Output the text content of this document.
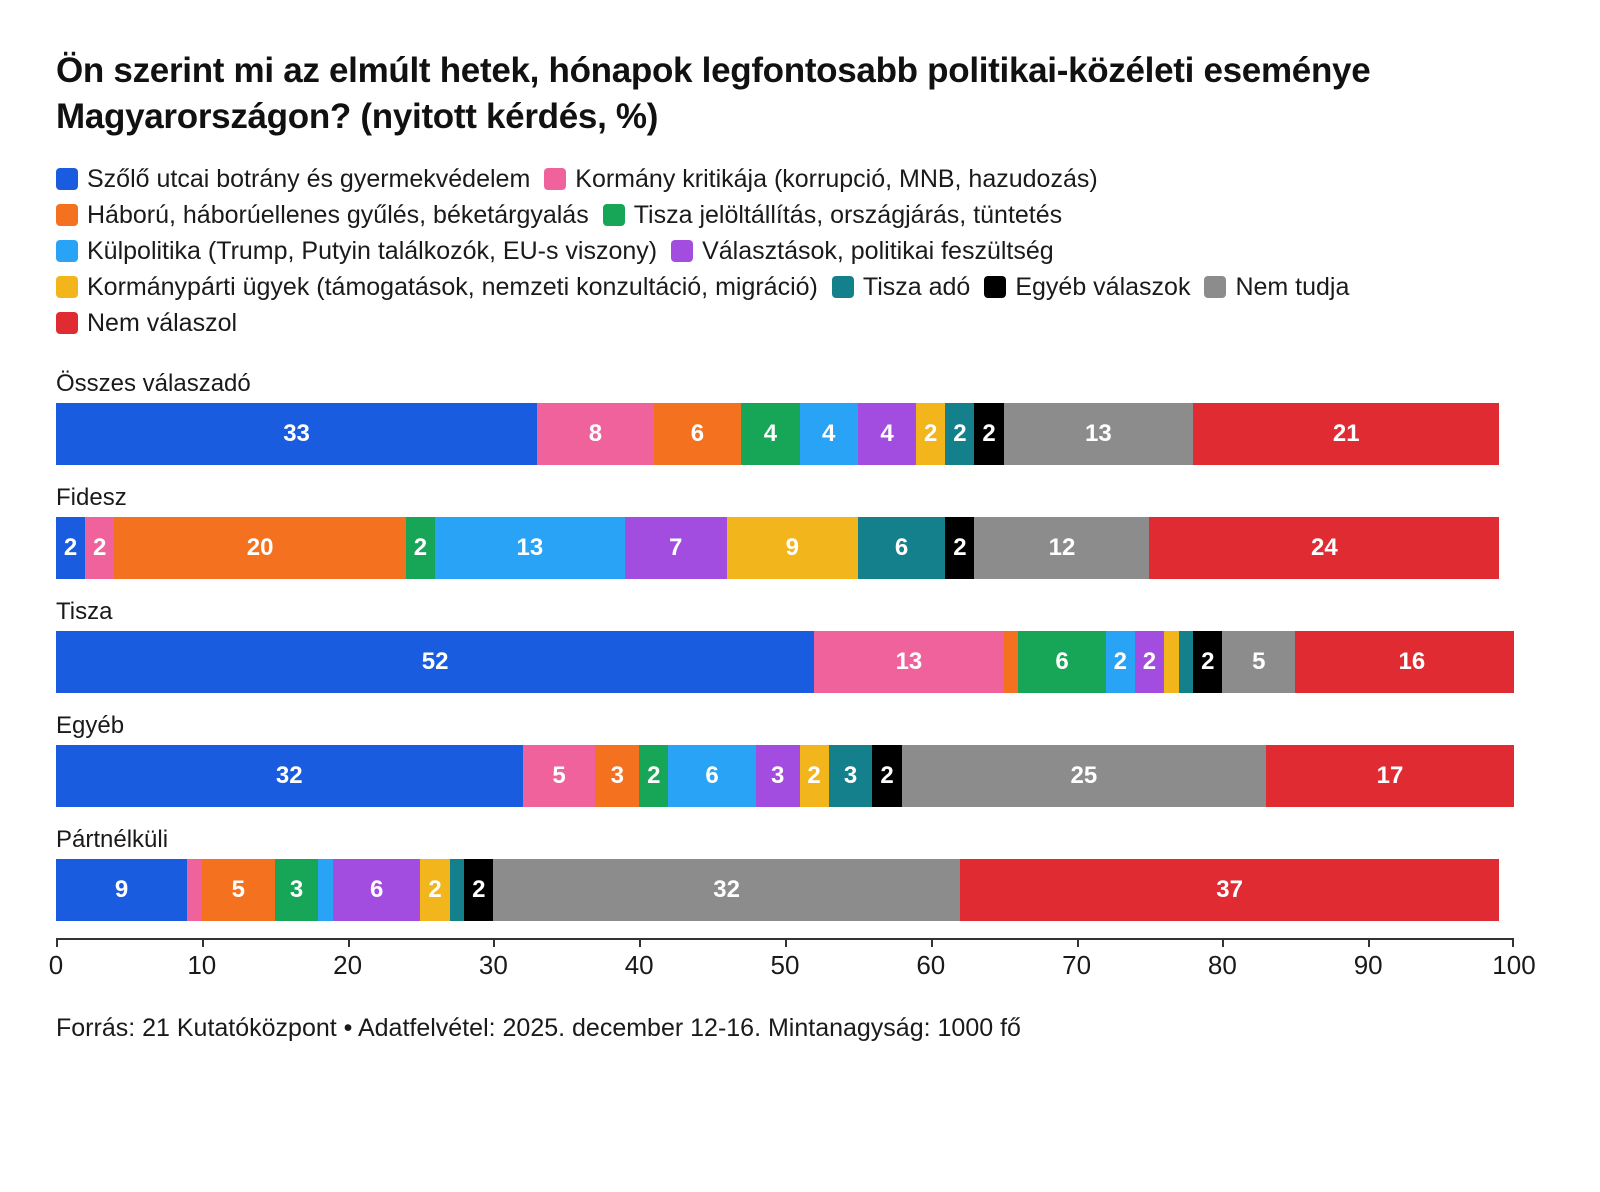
Ön szerint mi az elmúlt hetek, hónapok legfontosabb politikai-közéleti eseménye Magyarországon? (nyitott kérdés, %)
Szőlő utcai botrány és gyermekvédelem Kormány kritikája (korrupció, MNB, hazudozás)
Háború, háborúellenes gyűlés, béketárgyalás Tisza jelöltállítás, országjárás, tüntetés
Külpolitika (Trump, Putyin találkozók, EU-s viszony) Választások, politikai feszültség
Kormánypárti ügyek (támogatások, nemzeti konzultáció, migráció) Tisza adó Egyéb válaszok Nem tudja
Nem válaszol
Összes válaszadó
33	8	6 4 4 4 2 2 2	13	21
Fidesz
2 2	20	2	13	7	9	6 2	12	24
Tisza
52	13	6 2 2 2 5	16
Egyéb
32	5 3 2 6 3 2 3 2	25	17
Pártnélküli
9	5 3	6 2 2	32	37
0	10	20	30	40	50	60	70	80	90	100
Forrás: 21 Kutatóközpont • Adatfelvétel: 2025. december 12-16. Mintanagyság: 1000 fő
